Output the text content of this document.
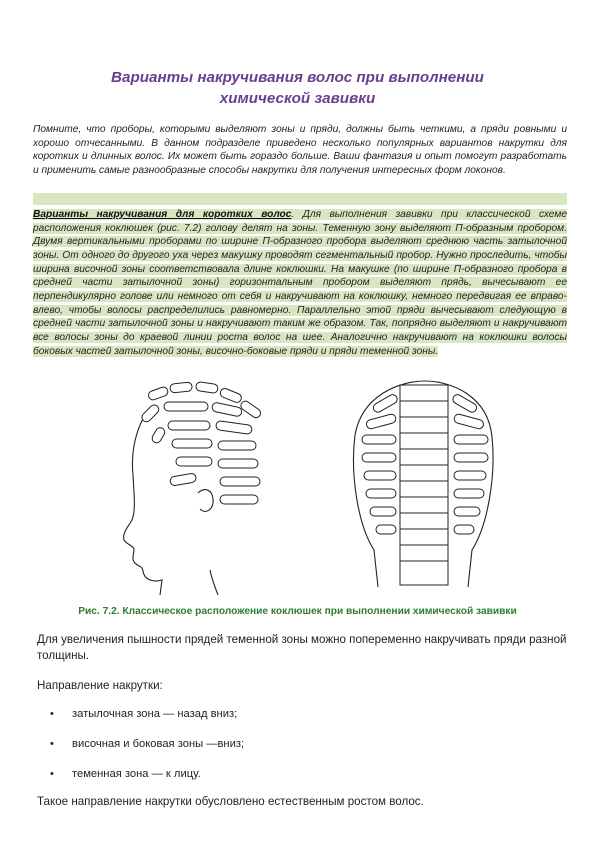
Варианты накручивания волос при выполнении
химической завивки

Помните, что проборы, которыми выделяют зоны и пряди, должны быть четкими, а пряди ровными и хорошо отчесанными. В данном подразделе приведено несколько популярных вариантов накрутки для коротких и длинных волос. Их может быть гораздо больше. Ваши фантазия и опыт помогут разработать и применить самые разнообразные способы накрутки для получения интересных форм локонов.

Варианты накручивания для коротких волос. Для выполнения завивки при классической схеме расположения коклюшек (рис. 7.2) голову делят на зоны. Теменную зону выделяют П-образным пробором. Двумя вертикальными проборами по ширине П-образного пробора выделяют среднюю часть затылочной зоны. От одного до другого уха через макушку проводят сегментальный пробор. Нужно проследить, чтобы ширина височной зоны соответствовала длине коклюшки. На макушке (по ширине П-образного пробора в средней части затылочной зоны) горизонтальным пробором выделяют прядь, вычесывают ее перпендикулярно голове или немного от себя и накручивают на коклюшку, немного передвигая ее вправо-влево, чтобы волосы распределились равномерно. Параллельно этой пряди вычесывают следующую в средней части затылочной зоны и накручивают таким же образом. Так, попрядно выделяют и накручивают все волосы зоны до краевой линии роста волос на шее. Аналогично накручивают на коклюшки волосы боковых частей затылочной зоны, височно-боковые пряди и пряди теменной зоны.

Рис. 7.2. Классическое расположение коклюшек при выполнении химической завивки

Для увеличения пышности прядей теменной зоны можно попеременно накручивать пряди разной толщины.

Направление накрутки:

• затылочная зона — назад вниз;
• височная и боковая зоны —вниз;
• теменная зона — к лицу.

Такое направление накрутки обусловлено естественным ростом волос.
